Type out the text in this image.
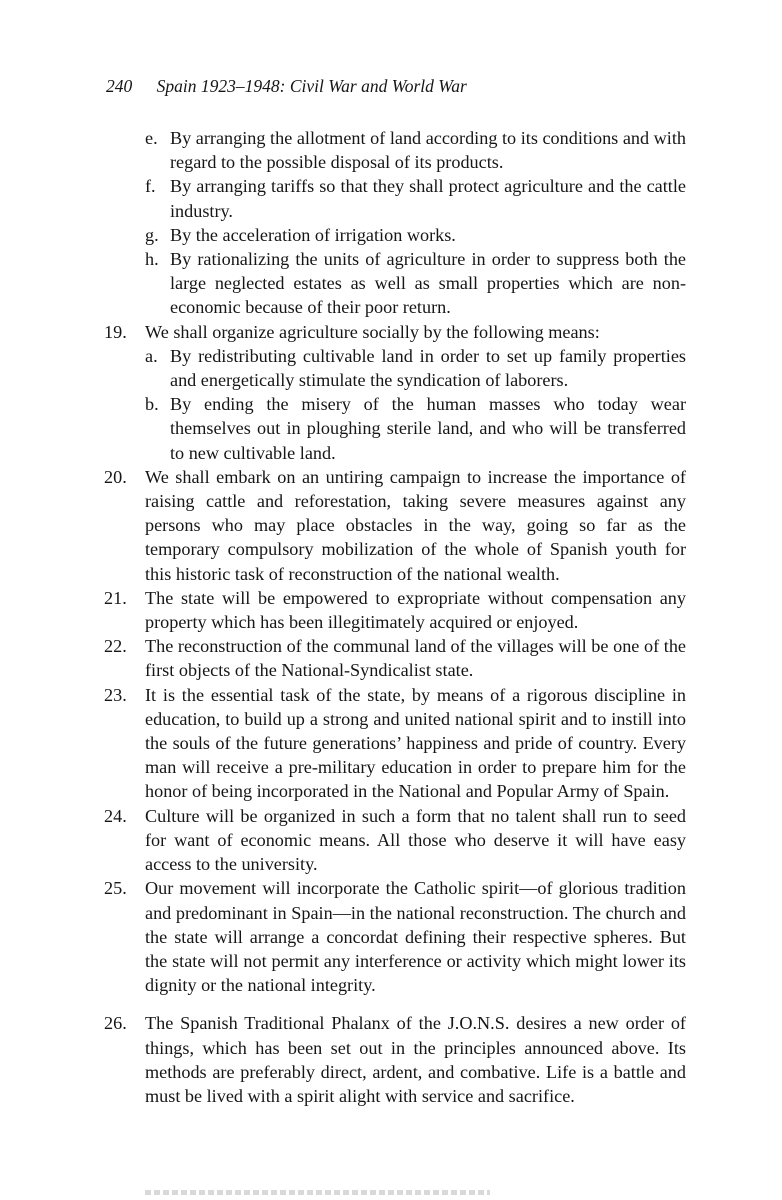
240 Spain 1923–1948: Civil War and World War
e. By arranging the allotment of land according to its conditions and with regard to the possible disposal of its products.
f. By arranging tariffs so that they shall protect agriculture and the cattle industry.
g. By the acceleration of irrigation works.
h. By rationalizing the units of agriculture in order to suppress both the large neglected estates as well as small properties which are non-economic because of their poor return.
19. We shall organize agriculture socially by the following means:
a. By redistributing cultivable land in order to set up family properties and energetically stimulate the syndication of laborers.
b. By ending the misery of the human masses who today wear themselves out in ploughing sterile land, and who will be transferred to new cultivable land.
20. We shall embark on an untiring campaign to increase the importance of raising cattle and reforestation, taking severe measures against any persons who may place obstacles in the way, going so far as the temporary compulsory mobilization of the whole of Spanish youth for this historic task of reconstruction of the national wealth.
21. The state will be empowered to expropriate without compensation any property which has been illegitimately acquired or enjoyed.
22. The reconstruction of the communal land of the villages will be one of the first objects of the National-Syndicalist state.
23. It is the essential task of the state, by means of a rigorous discipline in education, to build up a strong and united national spirit and to instill into the souls of the future generations’ happiness and pride of country. Every man will receive a pre-military education in order to prepare him for the honor of being incorporated in the National and Popular Army of Spain.
24. Culture will be organized in such a form that no talent shall run to seed for want of economic means. All those who deserve it will have easy access to the university.
25. Our movement will incorporate the Catholic spirit—of glorious tradition and predominant in Spain—in the national reconstruction. The church and the state will arrange a concordat defining their respective spheres. But the state will not permit any interference or activity which might lower its dignity or the national integrity.
26. The Spanish Traditional Phalanx of the J.O.N.S. desires a new order of things, which has been set out in the principles announced above. Its methods are preferably direct, ardent, and combative. Life is a battle and must be lived with a spirit alight with service and sacrifice.
